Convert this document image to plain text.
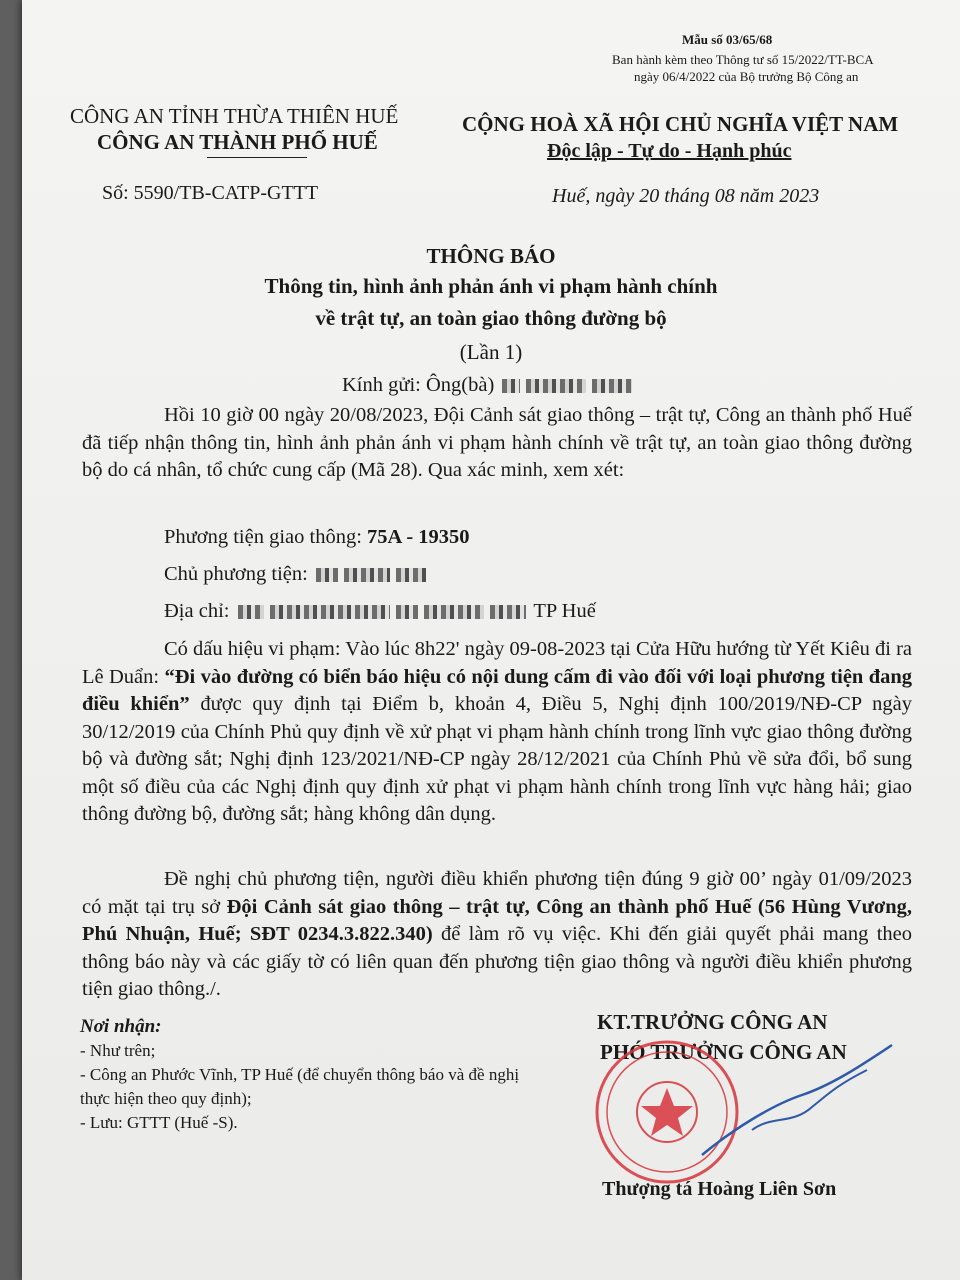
Mẫu số 03/65/68
Ban hành kèm theo Thông tư số 15/2022/TT-BCA
ngày 06/4/2022 của Bộ trưởng Bộ Công an
CÔNG AN TỈNH THỪA THIÊN HUẾ
CÔNG AN THÀNH PHỐ HUẾ
CỘNG HOÀ XÃ HỘI CHỦ NGHĨA VIỆT NAM
Độc lập - Tự do - Hạnh phúc
Số: 5590/TB-CATP-GTTT	Huế, ngày 20 tháng 08 năm 2023
THÔNG BÁO
Thông tin, hình ảnh phản ánh vi phạm hành chính
về trật tự, an toàn giao thông đường bộ
(Lần 1)
Kính gửi: Ông(bà)
Hồi 10 giờ 00 ngày 20/08/2023, Đội Cảnh sát giao thông – trật tự, Công an thành phố Huế đã tiếp nhận thông tin, hình ảnh phản ánh vi phạm hành chính về trật tự, an toàn giao thông đường bộ do cá nhân, tổ chức cung cấp (Mã 28). Qua xác minh, xem xét:
Phương tiện giao thông: 75A - 19350
Chủ phương tiện:
Địa chỉ:	TP Huế
Có dấu hiệu vi phạm: Vào lúc 8h22' ngày 09-08-2023 tại Cửa Hữu hướng từ Yết Kiêu đi ra Lê Duẩn: “Đi vào đường có biển báo hiệu có nội dung cấm đi vào đối với loại phương tiện đang điều khiển” được quy định tại Điểm b, khoản 4, Điều 5, Nghị định 100/2019/NĐ-CP ngày 30/12/2019 của Chính Phủ quy định về xử phạt vi phạm hành chính trong lĩnh vực giao thông đường bộ và đường sắt; Nghị định 123/2021/NĐ-CP ngày 28/12/2021 của Chính Phủ về sửa đổi, bổ sung một số điều của các Nghị định quy định xử phạt vi phạm hành chính trong lĩnh vực hàng hải; giao thông đường bộ, đường sắt; hàng không dân dụng.
Đề nghị chủ phương tiện, người điều khiển phương tiện đúng 9 giờ 00’ ngày 01/09/2023 có mặt tại trụ sở Đội Cảnh sát giao thông – trật tự, Công an thành phố Huế (56 Hùng Vương, Phú Nhuận, Huế; SĐT 0234.3.822.340) để làm rõ vụ việc. Khi đến giải quyết phải mang theo thông báo này và các giấy tờ có liên quan đến phương tiện giao thông và người điều khiển phương tiện giao thông./.
Nơi nhận:
- Như trên;
- Công an Phước Vĩnh, TP Huế (để chuyển thông báo và đề nghị thực hiện theo quy định);
- Lưu: GTTT (Huế -S).
KT.TRƯỞNG CÔNG AN
PHÓ TRƯỞNG CÔNG AN
Thượng tá Hoàng Liên Sơn
